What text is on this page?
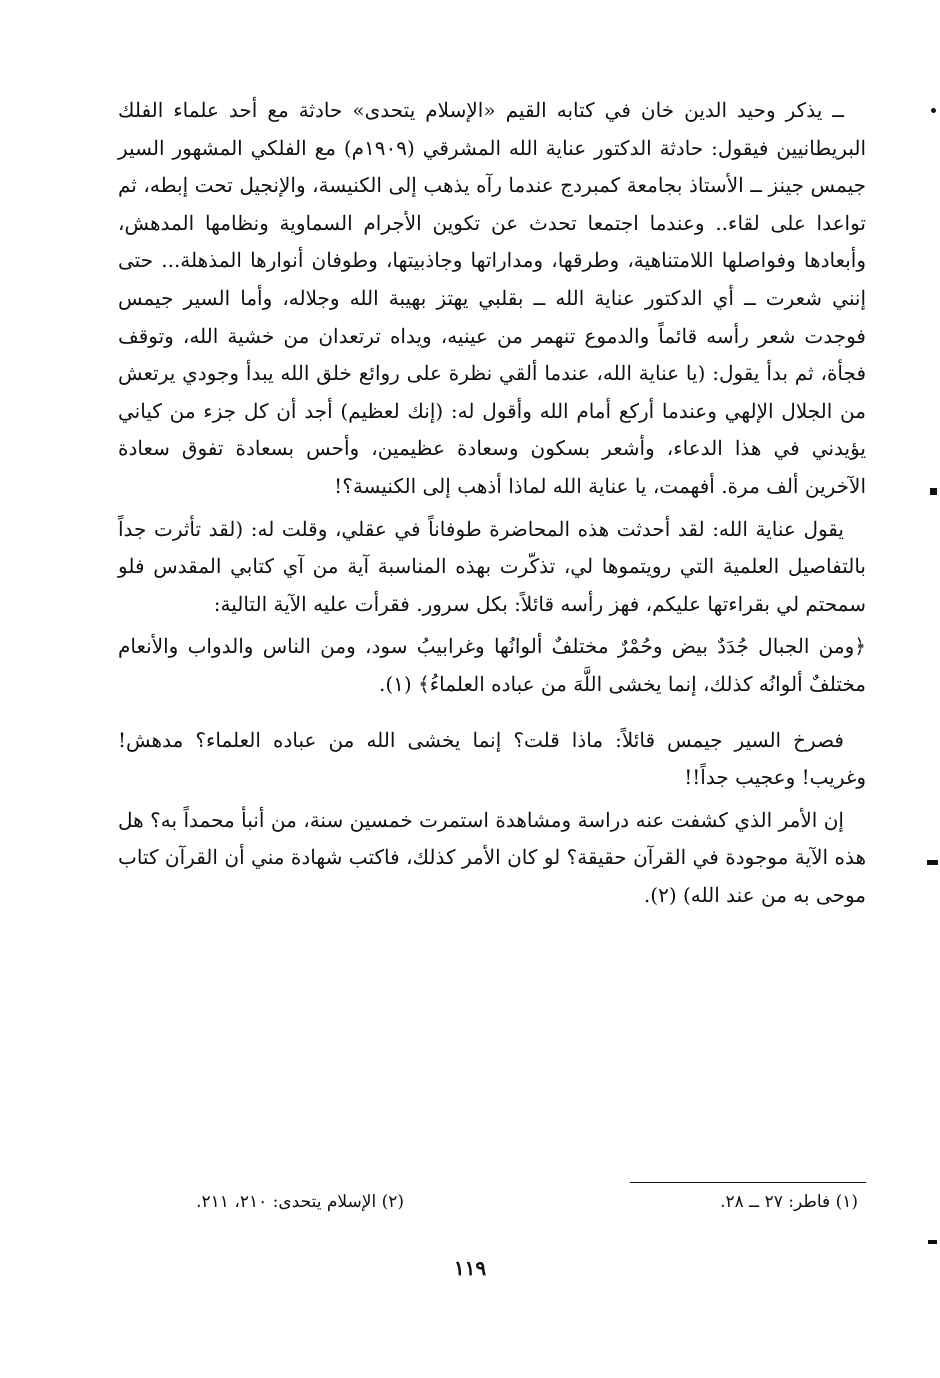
ــ يذكر وحيد الدين خان في كتابه القيم «الإسلام يتحدى» حادثة مع أحد علماء الفلك البريطانيين فيقول: حادثة الدكتور عناية الله المشرقي (١٩٠٩م) مع الفلكي المشهور السير جيمس جينز ــ الأستاذ بجامعة كمبردج عندما رآه يذهب إلى الكنيسة، والإنجيل تحت إبطه، ثم تواعدا على لقاء.. وعندما اجتمعا تحدث عن تكوين الأجرام السماوية ونظامها المدهش، وأبعادها وفواصلها اللامتناهية، وطرقها، ومداراتها وجاذبيتها، وطوفان أنوارها المذهلة... حتى إنني شعرت ــ أي الدكتور عناية الله ــ بقلبي يهتز بهيبة الله وجلاله، وأما السير جيمس فوجدت شعر رأسه قائماً والدموع تنهمر من عينيه، ويداه ترتعدان من خشية الله، وتوقف فجأة، ثم بدأ يقول: (يا عناية الله، عندما ألقي نظرة على روائع خلق الله يبدأ وجودي يرتعش من الجلال الإلهي وعندما أركع أمام الله وأقول له: (إنك لعظيم) أجد أن كل جزء من كياني يؤيدني في هذا الدعاء، وأشعر بسكون وسعادة عظيمين، وأحس بسعادة تفوق سعادة الآخرين ألف مرة. أفهمت، يا عناية الله لماذا أذهب إلى الكنيسة؟!

يقول عناية الله: لقد أحدثت هذه المحاضرة طوفاناً في عقلي، وقلت له: (لقد تأثرت جداً بالتفاصيل العلمية التي رويتموها لي، تذكّرت بهذه المناسبة آية من آي كتابي المقدس فلو سمحتم لي بقراءتها عليكم، فهز رأسه قائلاً: بكل سرور. فقرأت عليه الآية التالية:

﴿ومن الجبال جُدَدٌ بيض وحُمْرٌ مختلفٌ ألوانُها وغرابيبُ سود، ومن الناس والدواب والأنعام مختلفٌ ألوانُه كذلك، إنما يخشى اللَّهَ من عباده العلماءُ﴾ (١).

فصرخ السير جيمس قائلاً: ماذا قلت؟ إنما يخشى الله من عباده العلماء؟ مدهش! وغريب! وعجيب جداً!!

إن الأمر الذي كشفت عنه دراسة ومشاهدة استمرت خمسين سنة، من أنبأ محمداً به؟ هل هذه الآية موجودة في القرآن حقيقة؟ لو كان الأمر كذلك، فاكتب شهادة مني أن القرآن كتاب موحى به من عند الله) (٢).

(١) فاطر: ٢٧ ــ ٢٨.
(٢) الإسلام يتحدى: ٢١٠، ٢١١.
١١٩
